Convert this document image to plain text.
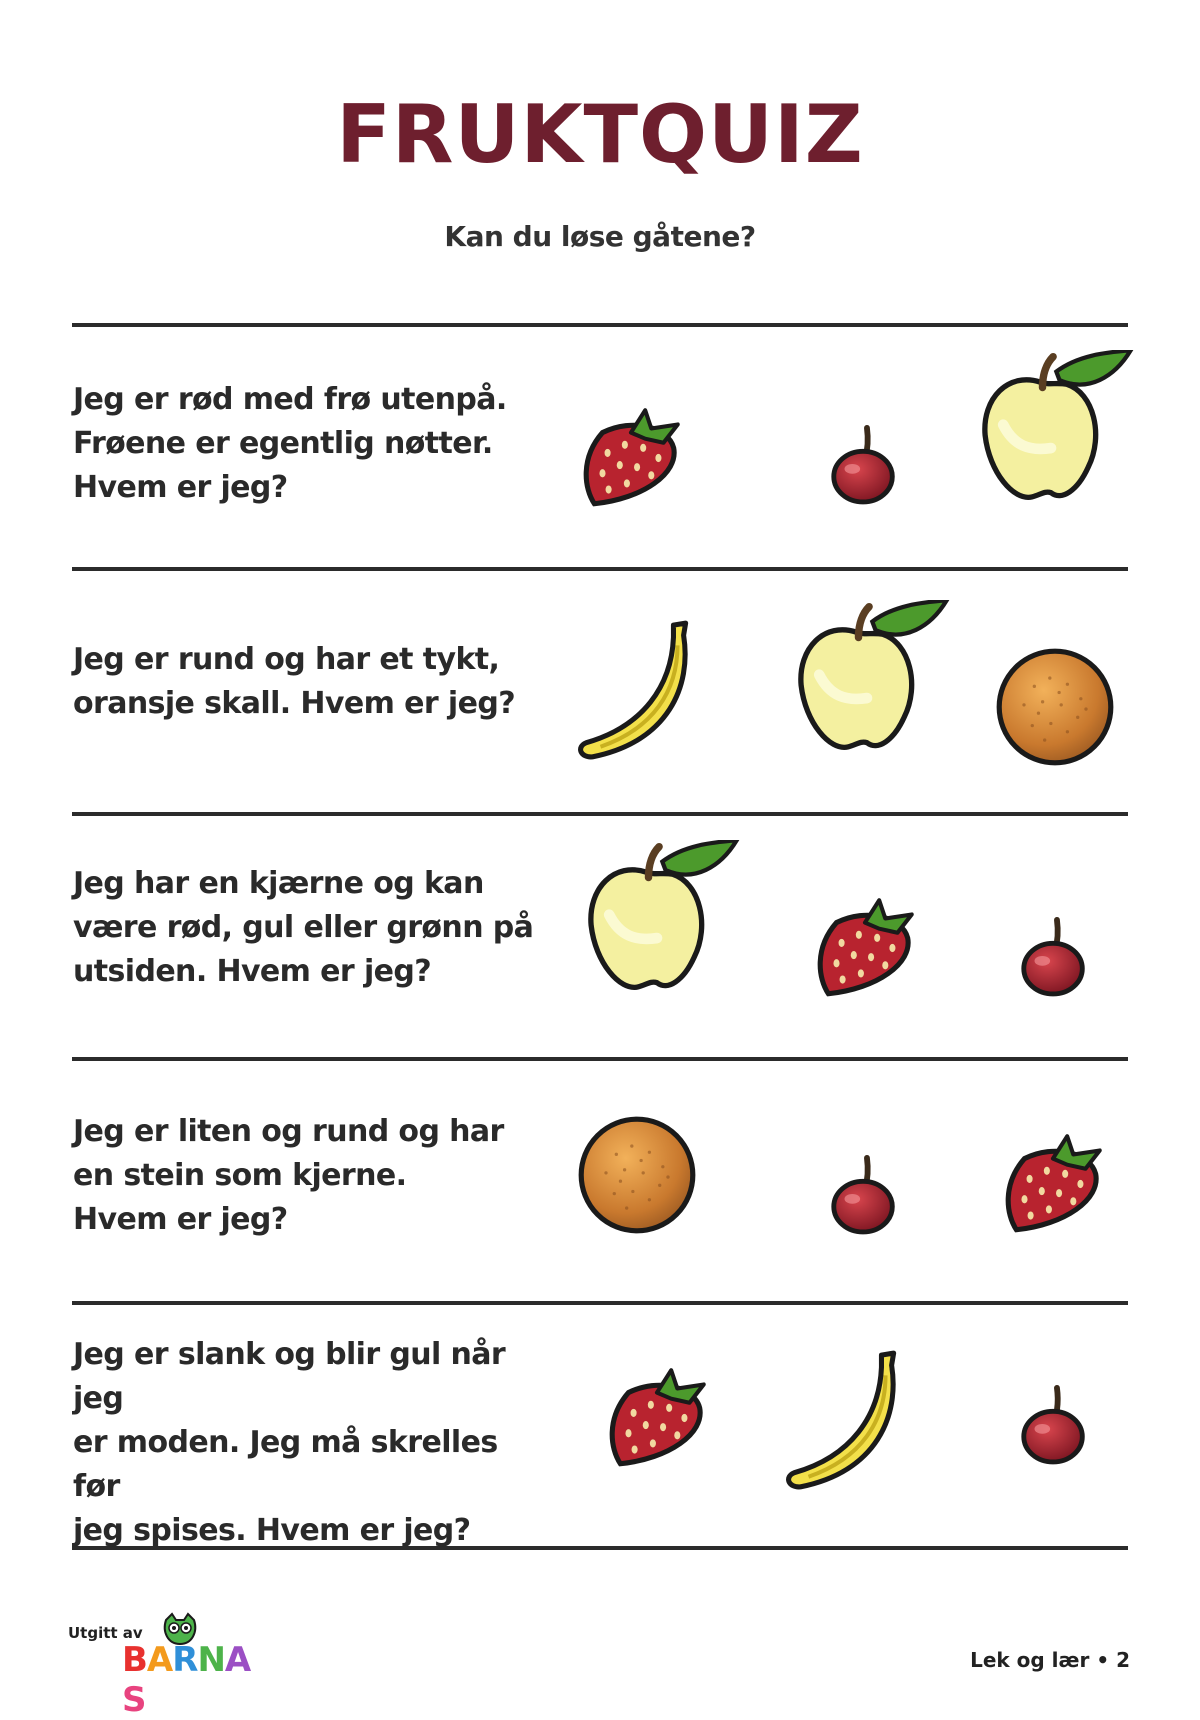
FRUKTQUIZ
Kan du løse gåtene?
Jeg er rød med frø utenpå.
Frøene er egentlig nøtter.
Hvem er jeg?
Jeg er rund og har et tykt,
oransje skall. Hvem er jeg?
Jeg har en kjærne og kan
være rød, gul eller grønn på
utsiden. Hvem er jeg?
Jeg er liten og rund og har
en stein som kjerne.
Hvem er jeg?
Jeg er slank og blir gul når jeg
er moden. Jeg må skrelles før
jeg spises. Hvem er jeg?
Utgitt av
BARNAS
Lek og lær • 2
